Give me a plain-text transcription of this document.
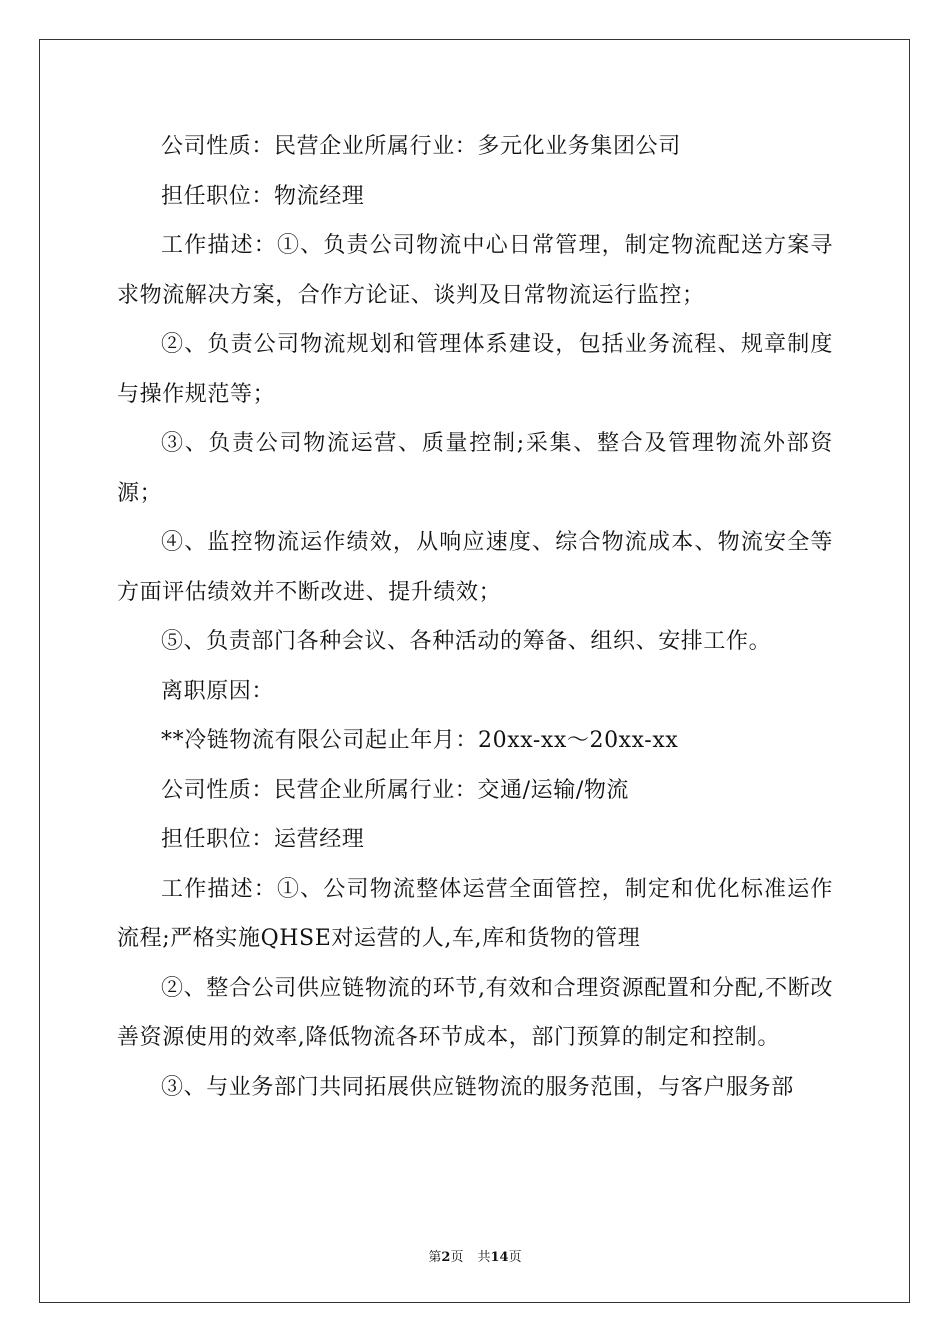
公司性质：民营企业所属行业：多元化业务集团公司

担任职位：物流经理

工作描述：①、负责公司物流中心日常管理，制定物流配送方案寻求物流解决方案，合作方论证、谈判及日常物流运行监控；

②、负责公司物流规划和管理体系建设，包括业务流程、规章制度与操作规范等；

③、负责公司物流运营、质量控制;采集、整合及管理物流外部资源；

④、监控物流运作绩效，从响应速度、综合物流成本、物流安全等方面评估绩效并不断改进、提升绩效；

⑤、负责部门各种会议、各种活动的筹备、组织、安排工作。

离职原因：

**冷链物流有限公司起止年月：20xx-xx～20xx-xx

公司性质：民营企业所属行业：交通/运输/物流

担任职位：运营经理

工作描述：①、公司物流整体运营全面管控，制定和优化标准运作流程;严格实施QHSE对运营的人,车,库和货物的管理

②、整合公司供应链物流的环节,有效和合理资源配置和分配,不断改善资源使用的效率,降低物流各环节成本，部门预算的制定和控制。

③、与业务部门共同拓展供应链物流的服务范围，与客户服务部

第2页 共14页
